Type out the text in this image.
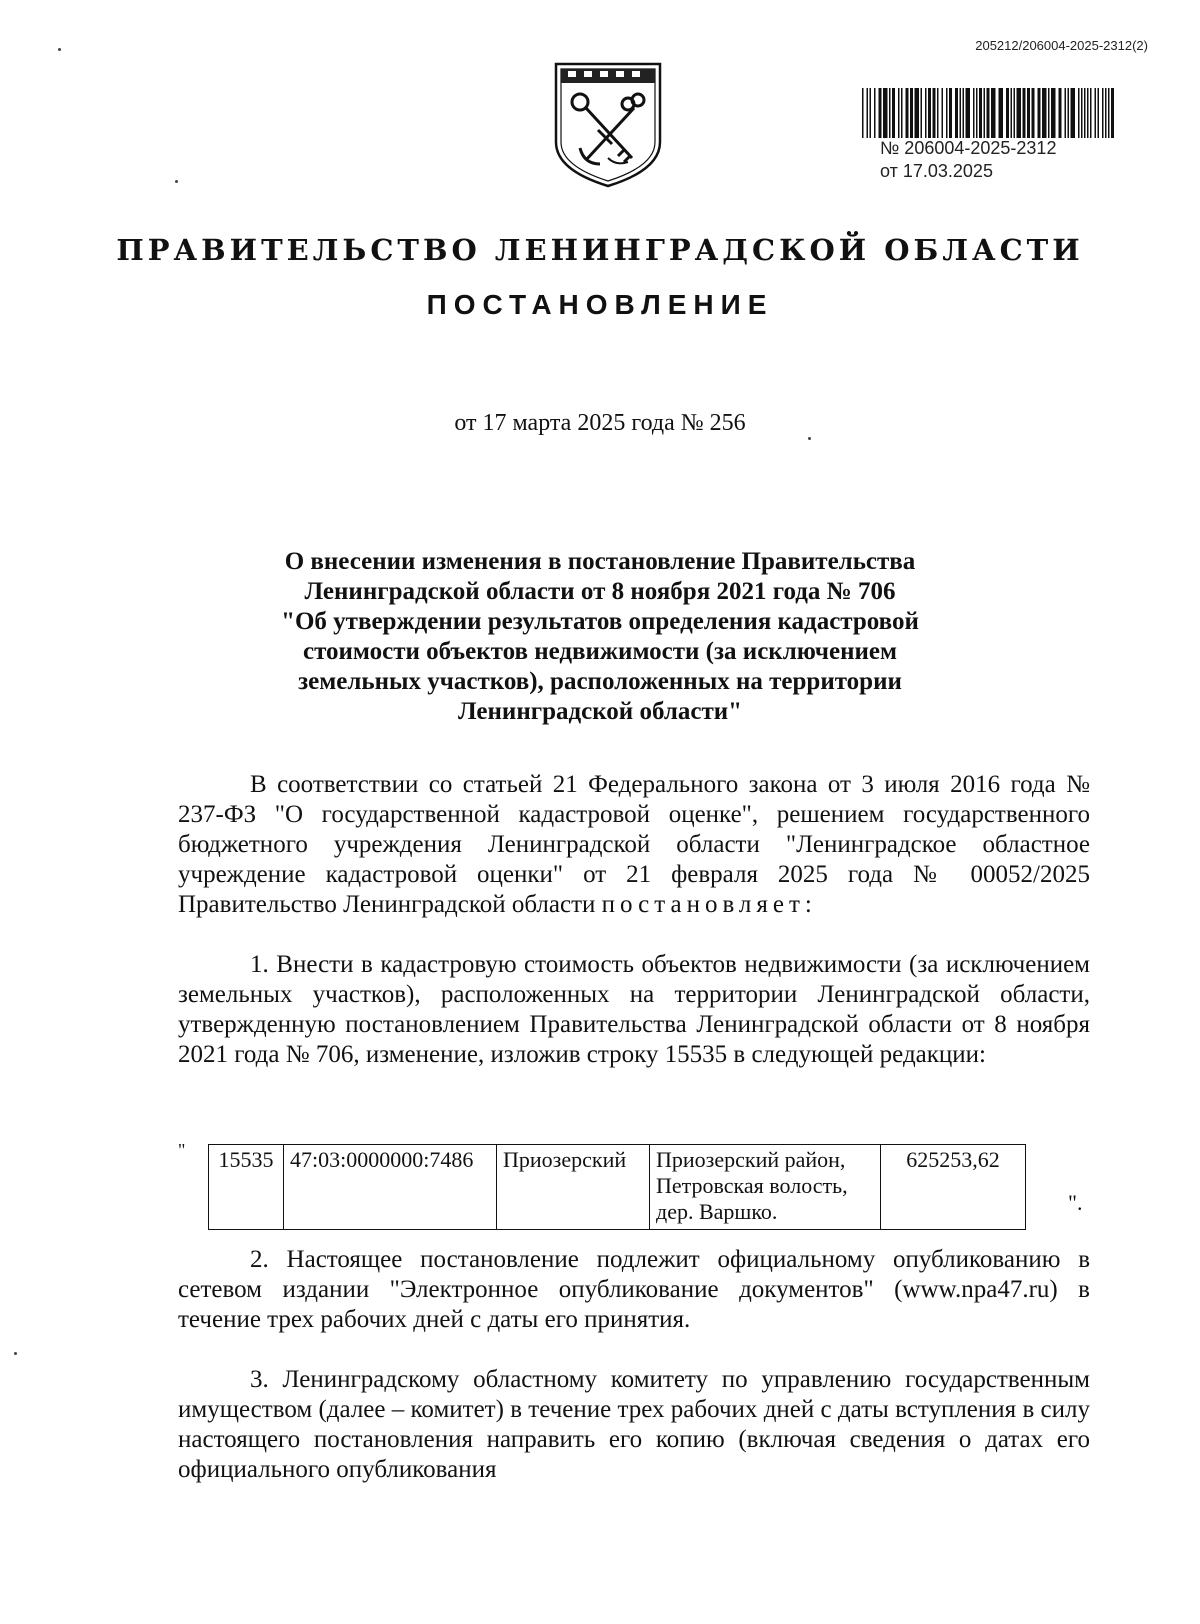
205212/206004-2025-2312(2)
№ 206004-2025-2312
от 17.03.2025
ПРАВИТЕЛЬСТВО ЛЕНИНГРАДСКОЙ ОБЛАСТИ
ПОСТАНОВЛЕНИЕ
от 17 марта 2025 года № 256
О внесении изменения в постановление Правительства
Ленинградской области от 8 ноября 2021 года № 706
"Об утверждении результатов определения кадастровой
стоимости объектов недвижимости (за исключением
земельных участков), расположенных на территории
Ленинградской области"
В соответствии со статьей 21 Федерального закона от 3 июля 2016 года № 237-ФЗ "О государственной кадастровой оценке", решением государственного бюджетного учреждения Ленинградской области "Ленинградское областное учреждение кадастровой оценки" от 21 февраля 2025 года № 00052/2025 Правительство Ленинградской области постановляет:
1. Внести в кадастровую стоимость объектов недвижимости (за исключением земельных участков), расположенных на территории Ленинградской области, утвержденную постановлением Правительства Ленинградской области от 8 ноября 2021 года № 706, изменение, изложив строку 15535 в следующей редакции:
" 15535	47:03:0000000:7486	Приозерский	Приозерский район,
Петровская волость,
дер. Варшко.
	625253,62
".
2. Настоящее постановление подлежит официальному опубликованию в сетевом издании "Электронное опубликование документов" (www.npa47.ru) в течение трех рабочих дней с даты его принятия.
3. Ленинградскому областному комитету по управлению государственным имуществом (далее – комитет) в течение трех рабочих дней с даты вступления в силу настоящего постановления направить его копию (включая сведения о датах его официального опубликования
